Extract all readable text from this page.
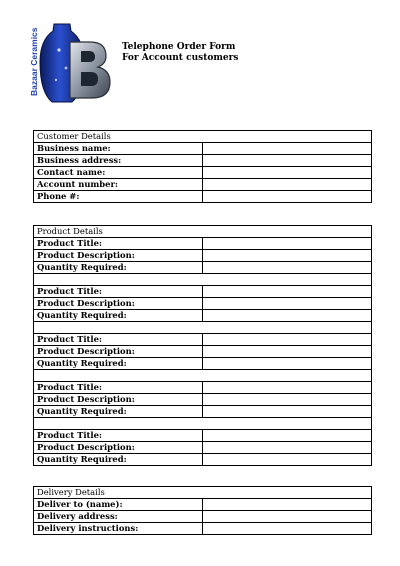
Bazaar Ceramics	Telephone Order Form
For Account customers
Customer Details	
Business name:	
Business address:	
Contact name:	
Account number:	
Phone #:	
Product Details	
Product Title:	
Product Description:	
Quantity Required:	

Product Title:	
Product Description:	
Quantity Required:	

Product Title:	
Product Description:	
Quantity Required:	

Product Title:	
Product Description:	
Quantity Required:	

Product Title:	
Product Description:	
Quantity Required:	
Delivery Details	
Deliver to (name):	
Delivery address:	
Delivery instructions:	
